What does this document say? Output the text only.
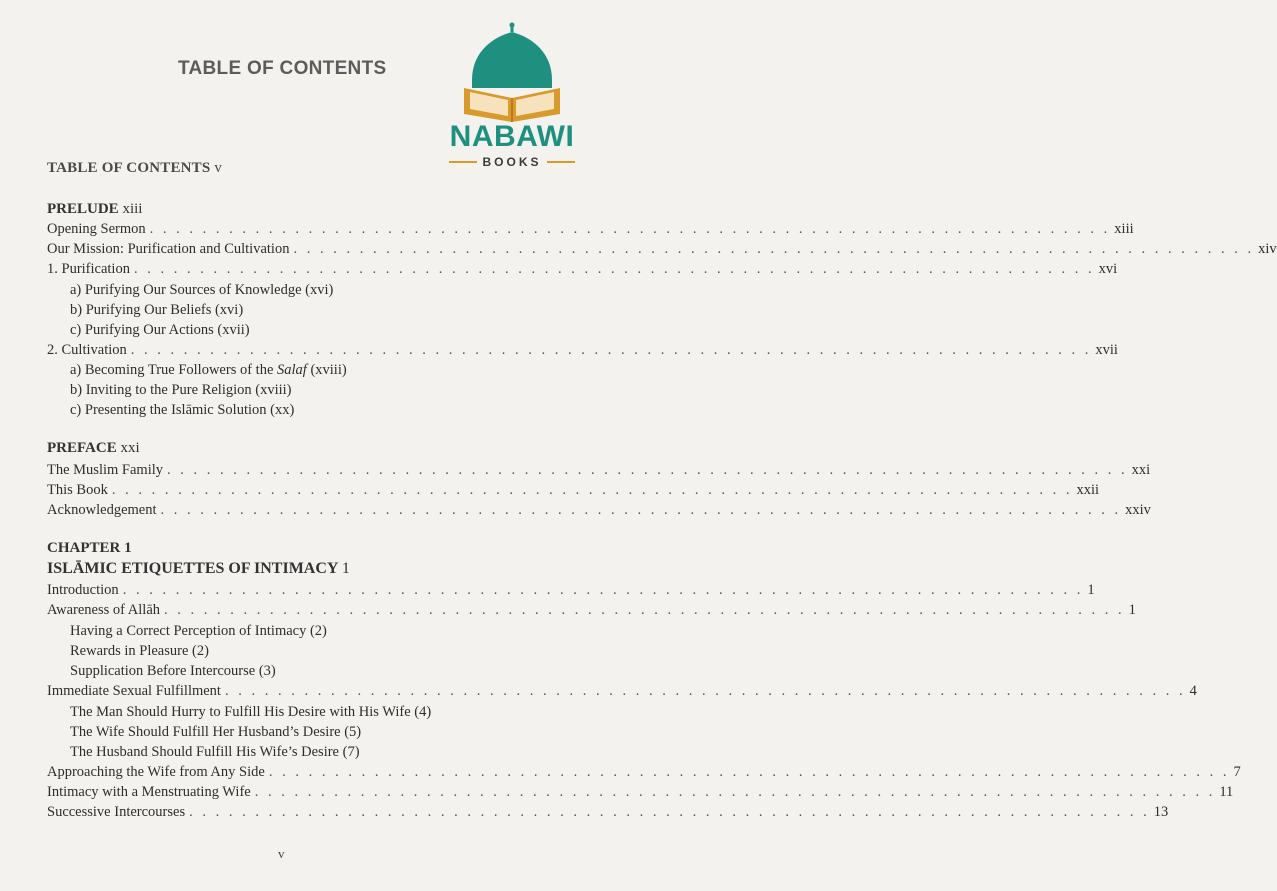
TABLE OF CONTENTS
NABAWI
BOOKS
TABLE OF CONTENTS v
PRELUDE xiii
Opening Sermon . . . . . . . . . . . . . . . . . . . . . . . . . . . . . . . . . . . . . . . . . . . . . . . . . . . . . . . . . . . . . . . . . . . . . . . . . xiii
Our Mission: Purification and Cultivation . . . . . . . . . . . . . . . . . . . . . . . . . . . . . . . . . . . . . . . . . . . . . . . . . . . . . . . . . . . . . . . . . . . . . . . . . xiv
1. Purification . . . . . . . . . . . . . . . . . . . . . . . . . . . . . . . . . . . . . . . . . . . . . . . . . . . . . . . . . . . . . . . . . . . . . . . . . xvi
a) Purifying Our Sources of Knowledge (xvi)
b) Purifying Our Beliefs (xvi)
c) Purifying Our Actions (xvii)
2. Cultivation . . . . . . . . . . . . . . . . . . . . . . . . . . . . . . . . . . . . . . . . . . . . . . . . . . . . . . . . . . . . . . . . . . . . . . . . . xvii
a) Becoming True Followers of the Salaf (xviii)
b) Inviting to the Pure Religion (xviii)
c) Presenting the Islāmic Solution (xx)
PREFACE xxi
The Muslim Family . . . . . . . . . . . . . . . . . . . . . . . . . . . . . . . . . . . . . . . . . . . . . . . . . . . . . . . . . . . . . . . . . . . . . . . . . xxi
This Book . . . . . . . . . . . . . . . . . . . . . . . . . . . . . . . . . . . . . . . . . . . . . . . . . . . . . . . . . . . . . . . . . . . . . . . . . xxii
Acknowledgement . . . . . . . . . . . . . . . . . . . . . . . . . . . . . . . . . . . . . . . . . . . . . . . . . . . . . . . . . . . . . . . . . . . . . . . . . xxiv
CHAPTER 1
ISLĀMIC ETIQUETTES OF INTIMACY 1
Introduction . . . . . . . . . . . . . . . . . . . . . . . . . . . . . . . . . . . . . . . . . . . . . . . . . . . . . . . . . . . . . . . . . . . . . . . . . 1
Awareness of Allāh . . . . . . . . . . . . . . . . . . . . . . . . . . . . . . . . . . . . . . . . . . . . . . . . . . . . . . . . . . . . . . . . . . . . . . . . . 1
Having a Correct Perception of Intimacy (2)
Rewards in Pleasure (2)
Supplication Before Intercourse (3)
Immediate Sexual Fulfillment . . . . . . . . . . . . . . . . . . . . . . . . . . . . . . . . . . . . . . . . . . . . . . . . . . . . . . . . . . . . . . . . . . . . . . . . . 4
The Man Should Hurry to Fulfill His Desire with His Wife (4)
The Wife Should Fulfill Her Husband’s Desire (5)
The Husband Should Fulfill His Wife’s Desire (7)
Approaching the Wife from Any Side . . . . . . . . . . . . . . . . . . . . . . . . . . . . . . . . . . . . . . . . . . . . . . . . . . . . . . . . . . . . . . . . . . . . . . . . . 7
Intimacy with a Menstruating Wife . . . . . . . . . . . . . . . . . . . . . . . . . . . . . . . . . . . . . . . . . . . . . . . . . . . . . . . . . . . . . . . . . . . . . . . . . 11
Successive Intercourses . . . . . . . . . . . . . . . . . . . . . . . . . . . . . . . . . . . . . . . . . . . . . . . . . . . . . . . . . . . . . . . . . . . . . . . . . 13
v
